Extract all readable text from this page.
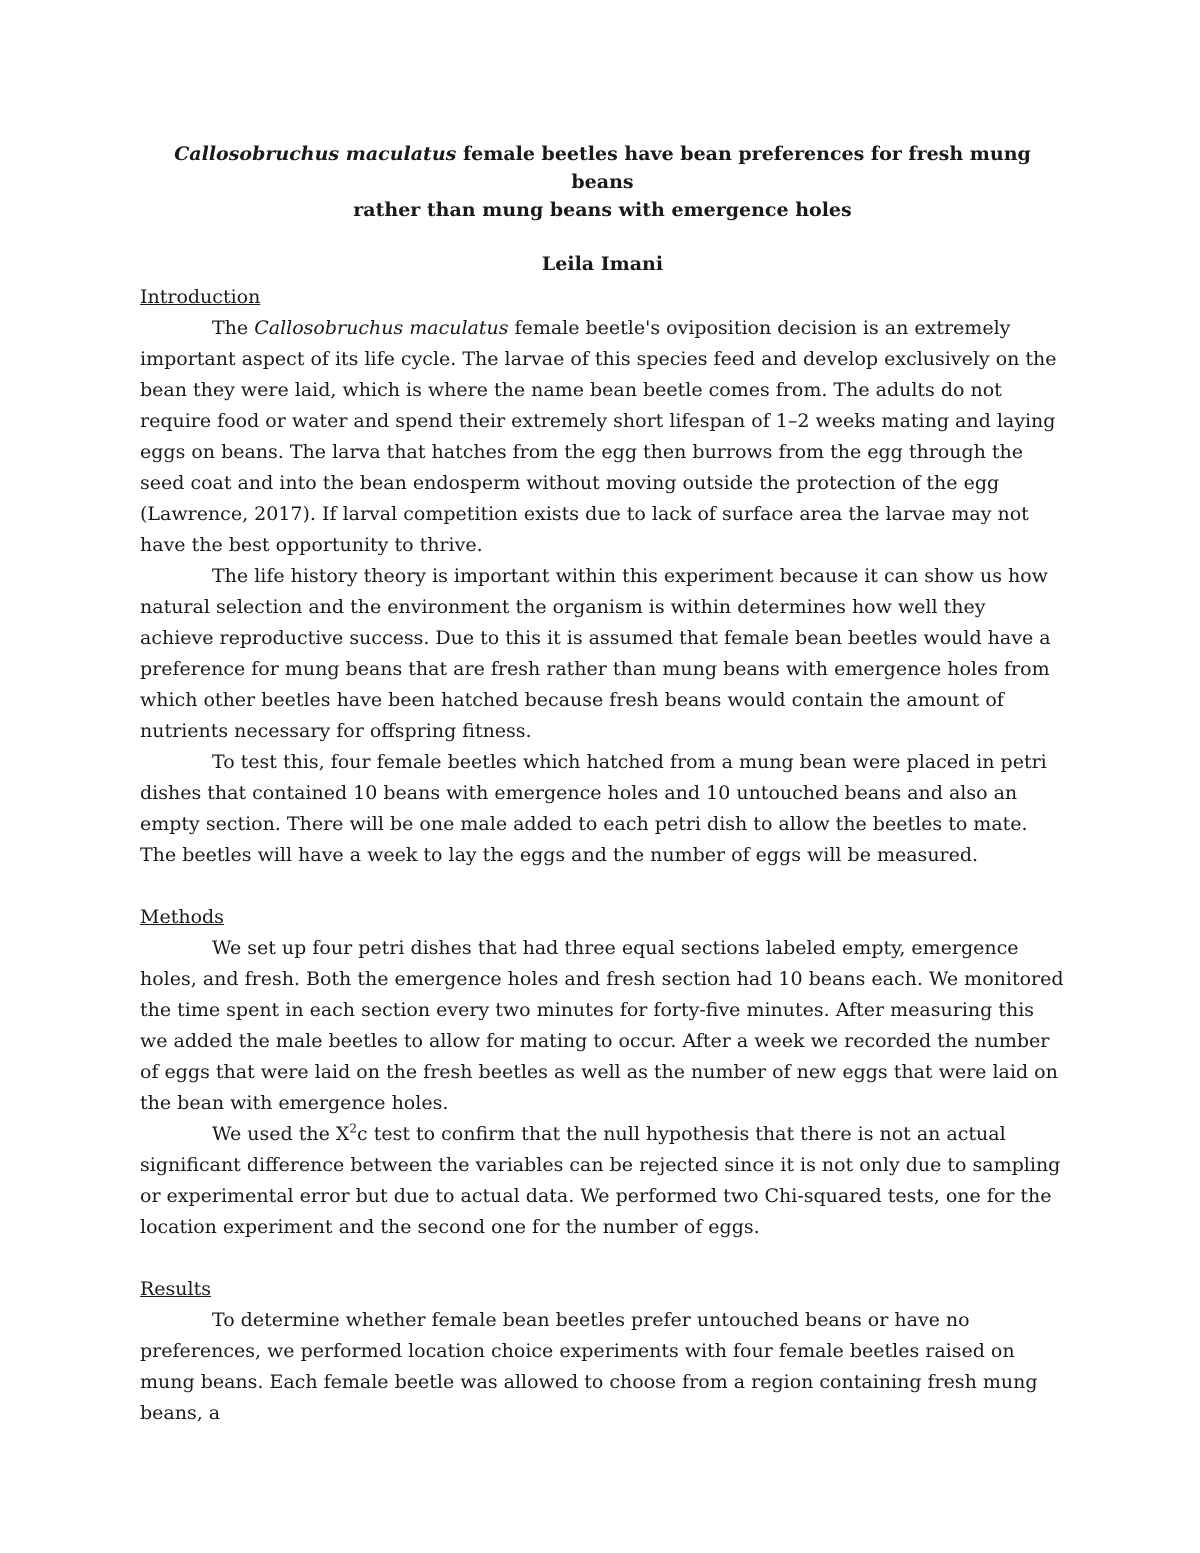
Callosobruchus maculatus female beetles have bean preferences for fresh mung beans
rather than mung beans with emergence holes

Leila Imani

Introduction

The Callosobruchus maculatus female beetle's oviposition decision is an extremely important aspect of its life cycle. The larvae of this species feed and develop exclusively on the bean they were laid, which is where the name bean beetle comes from. The adults do not require food or water and spend their extremely short lifespan of 1–2 weeks mating and laying eggs on beans. The larva that hatches from the egg then burrows from the egg through the seed coat and into the bean endosperm without moving outside the protection of the egg (Lawrence, 2017). If larval competition exists due to lack of surface area the larvae may not have the best opportunity to thrive.

The life history theory is important within this experiment because it can show us how natural selection and the environment the organism is within determines how well they achieve reproductive success. Due to this it is assumed that female bean beetles would have a preference for mung beans that are fresh rather than mung beans with emergence holes from which other beetles have been hatched because fresh beans would contain the amount of nutrients necessary for offspring fitness.

To test this, four female beetles which hatched from a mung bean were placed in petri dishes that contained 10 beans with emergence holes and 10 untouched beans and also an empty section. There will be one male added to each petri dish to allow the beetles to mate. The beetles will have a week to lay the eggs and the number of eggs will be measured.

Methods

We set up four petri dishes that had three equal sections labeled empty, emergence holes, and fresh. Both the emergence holes and fresh section had 10 beans each. We monitored the time spent in each section every two minutes for forty-five minutes. After measuring this we added the male beetles to allow for mating to occur. After a week we recorded the number of eggs that were laid on the fresh beetles as well as the number of new eggs that were laid on the bean with emergence holes.

We used the $X^2c$ test to confirm that the null hypothesis that there is not an actual significant difference between the variables can be rejected since it is not only due to sampling or experimental error but due to actual data. We performed two Chi-squared tests, one for the location experiment and the second one for the number of eggs.

Results

To determine whether female bean beetles prefer untouched beans or have no preferences, we performed location choice experiments with four female beetles raised on mung beans. Each female beetle was allowed to choose from a region containing fresh mung beans, a
